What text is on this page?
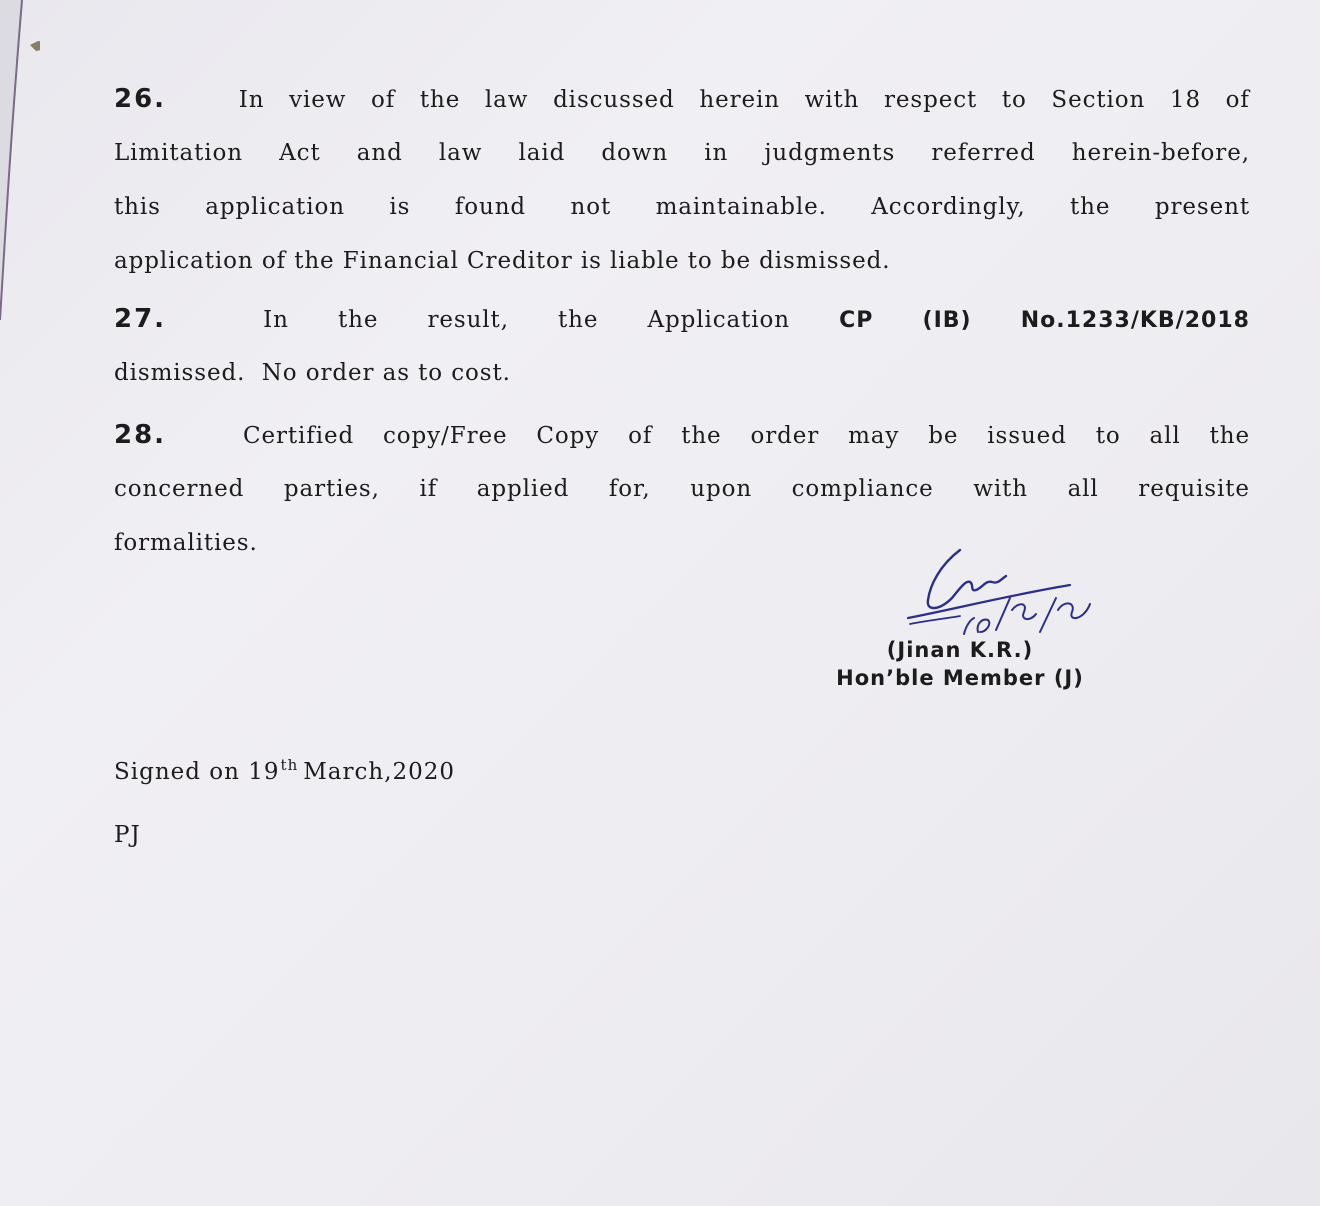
26.	In view of the law discussed herein with respect to Section 18 of
Limitation Act and law laid down in judgments referred herein-before,
this application is found not maintainable. Accordingly, the present
application of the Financial Creditor is liable to be dismissed.
27.	In the result, the Application CP (IB) No.1233/KB/2018
dismissed.  No order as to cost.
28.	Certified copy/Free Copy of the order may be issued to all the
concerned parties, if applied for, upon compliance with all requisite
formalities.
(Jinan K.R.)
Hon’ble Member (J)
Signed on 19th March,2020
PJ
